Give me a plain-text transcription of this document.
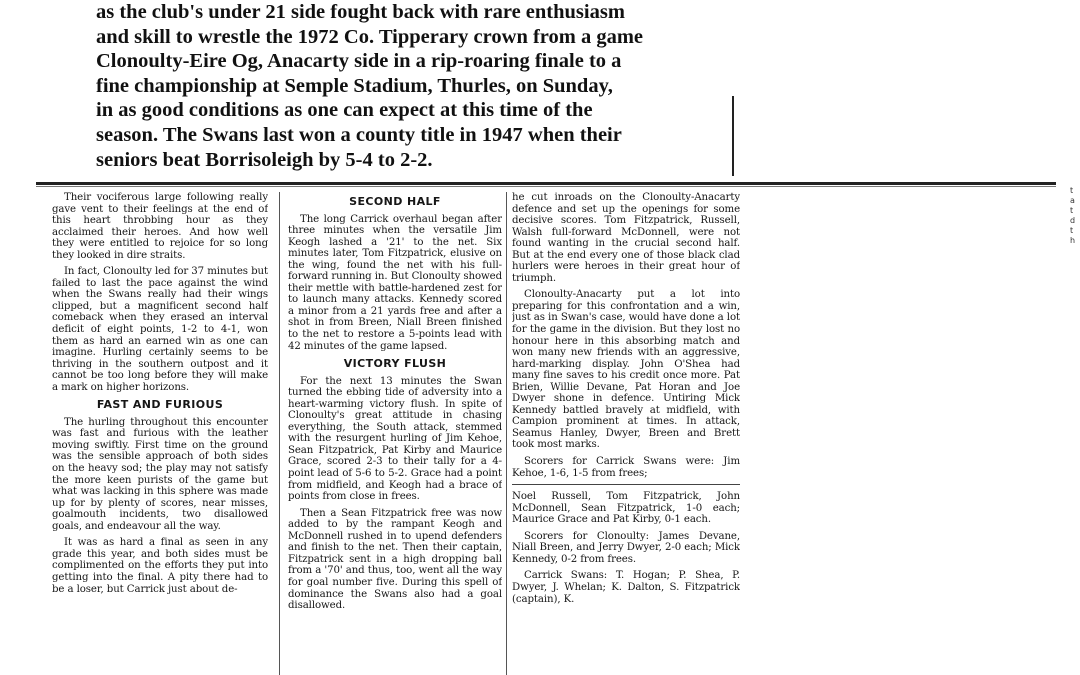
as the club's under 21 side fought back with rare enthusiasm
and skill to wrestle the 1972 Co. Tipperary crown from a game
Clonoulty-Eire Og, Anacarty side in a rip-roaring finale to a
fine championship at Semple Stadium, Thurles, on Sunday,
in as good conditions as one can expect at this time of the
season. The Swans last won a county title in 1947 when their
seniors beat Borrisoleigh by 5-4 to 2-2.

t
a
t
d
t
h

Their vociferous large following really gave vent to their feelings at the end of this heart throbbing hour as they acclaimed their heroes. And how well they were entitled to rejoice for so long they looked in dire straits.

In fact, Clonoulty led for 37 minutes but failed to last the pace against the wind when the Swans really had their wings clipped, but a magnificent second half comeback when they erased an interval deficit of eight points, 1-2 to 4-1, won them as hard an earned win as one can imagine. Hurling certainly seems to be thriving in the southern outpost and it cannot be too long before they will make a mark on higher horizons.

FAST AND FURIOUS

The hurling throughout this encounter was fast and furious with the leather moving swiftly. First time on the ground was the sensible approach of both sides on the heavy sod; the play may not satisfy the more keen purists of the game but what was lacking in this sphere was made up for by plenty of scores, near misses, goalmouth incidents, two disallowed goals, and endeavour all the way.

It was as hard a final as seen in any grade this year, and both sides must be complimented on the efforts they put into getting into the final. A pity there had to be a loser, but Carrick just about de-

SECOND HALF

The long Carrick overhaul began after three minutes when the versatile Jim Keogh lashed a '21' to the net. Six minutes later, Tom Fitzpatrick, elusive on the wing, found the net with his full-forward running in. But Clonoulty showed their mettle with battle-hardened zest for to launch many attacks. Kennedy scored a minor from a 21 yards free and after a shot in from Breen, Niall Breen finished to the net to restore a 5-points lead with 42 minutes of the game lapsed.

VICTORY FLUSH

For the next 13 minutes the Swan turned the ebbing tide of adversity into a heart-warming victory flush. In spite of Clonoulty's great attitude in chasing everything, the South attack, stemmed with the resurgent hurling of Jim Kehoe, Sean Fitzpatrick, Pat Kirby and Maurice Grace, scored 2-3 to their tally for a 4-point lead of 5-6 to 5-2. Grace had a point from midfield, and Keogh had a brace of points from close in frees.

Then a Sean Fitzpatrick free was now added to by the rampant Keogh and McDonnell rushed in to upend defenders and finish to the net. Then their captain, Fitzpatrick sent in a high dropping ball from a '70' and thus, too, went all the way for goal number five. During this spell of dominance the Swans also had a goal disallowed.

he cut inroads on the Clonoulty-Anacarty defence and set up the openings for some decisive scores. Tom Fitzpatrick, Russell, Walsh full-forward McDonnell, were not found wanting in the crucial second half. But at the end every one of those black clad hurlers were heroes in their great hour of triumph.

Clonoulty-Anacarty put a lot into preparing for this confrontation and a win, just as in Swan's case, would have done a lot for the game in the division. But they lost no honour here in this absorbing match and won many new friends with an aggressive, hard-marking display. John O'Shea had many fine saves to his credit once more. Pat Brien, Willie Devane, Pat Horan and Joe Dwyer shone in defence. Untiring Mick Kennedy battled bravely at midfield, with Campion prominent at times. In attack, Seamus Hanley, Dwyer, Breen and Brett took most marks.

Scorers for Carrick Swans were: Jim Kehoe, 1-6, 1-5 from frees;

Noel Russell, Tom Fitzpatrick, John McDonnell, Sean Fitzpatrick, 1-0 each; Maurice Grace and Pat Kirby, 0-1 each.

Scorers for Clonoulty: James Devane, Niall Breen, and Jerry Dwyer, 2-0 each; Mick Kennedy, 0-2 from frees.

Carrick Swans: T. Hogan; P. Shea, P. Dwyer, J. Whelan; K. Dalton, S. Fitzpatrick (captain), K.
